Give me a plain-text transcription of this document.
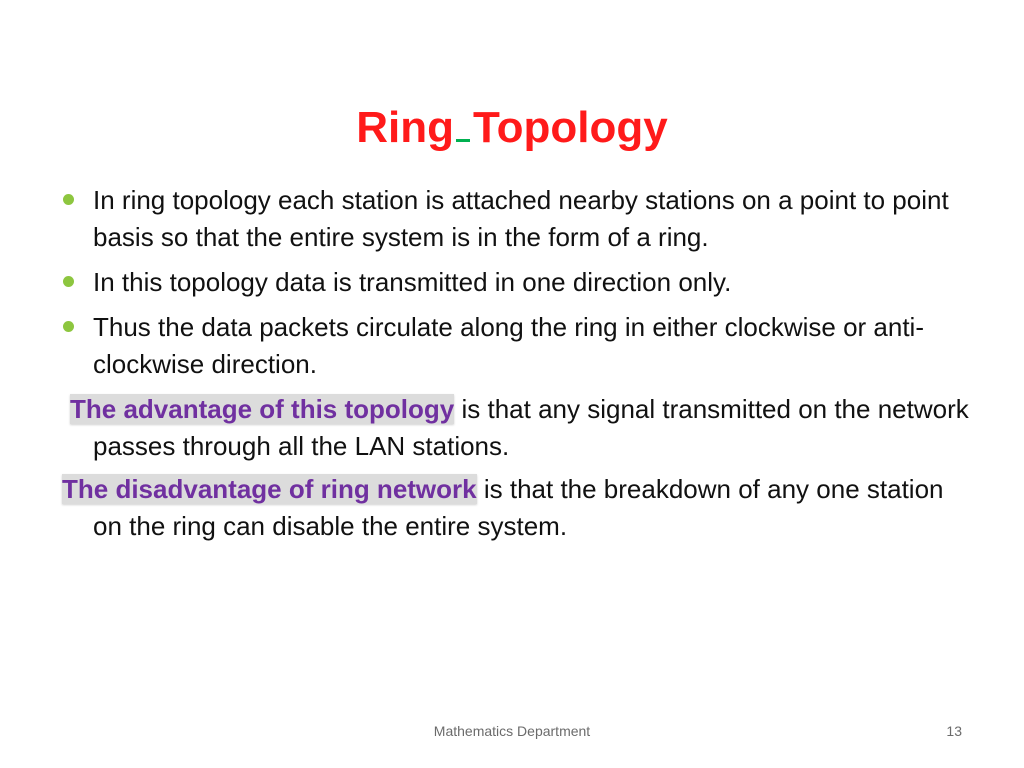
Ring Topology
In ring topology each station is attached nearby stations on a point to point basis so that the entire system is in the form of a ring.
In this topology data is transmitted in one direction only.
Thus the data packets circulate along the ring in either clockwise or anti-clockwise direction.
The advantage of this topology is that any signal transmitted on the network passes through all the LAN stations.
The disadvantage of ring network is that the breakdown of any one station on the ring can disable the entire system.
Mathematics Department	13
